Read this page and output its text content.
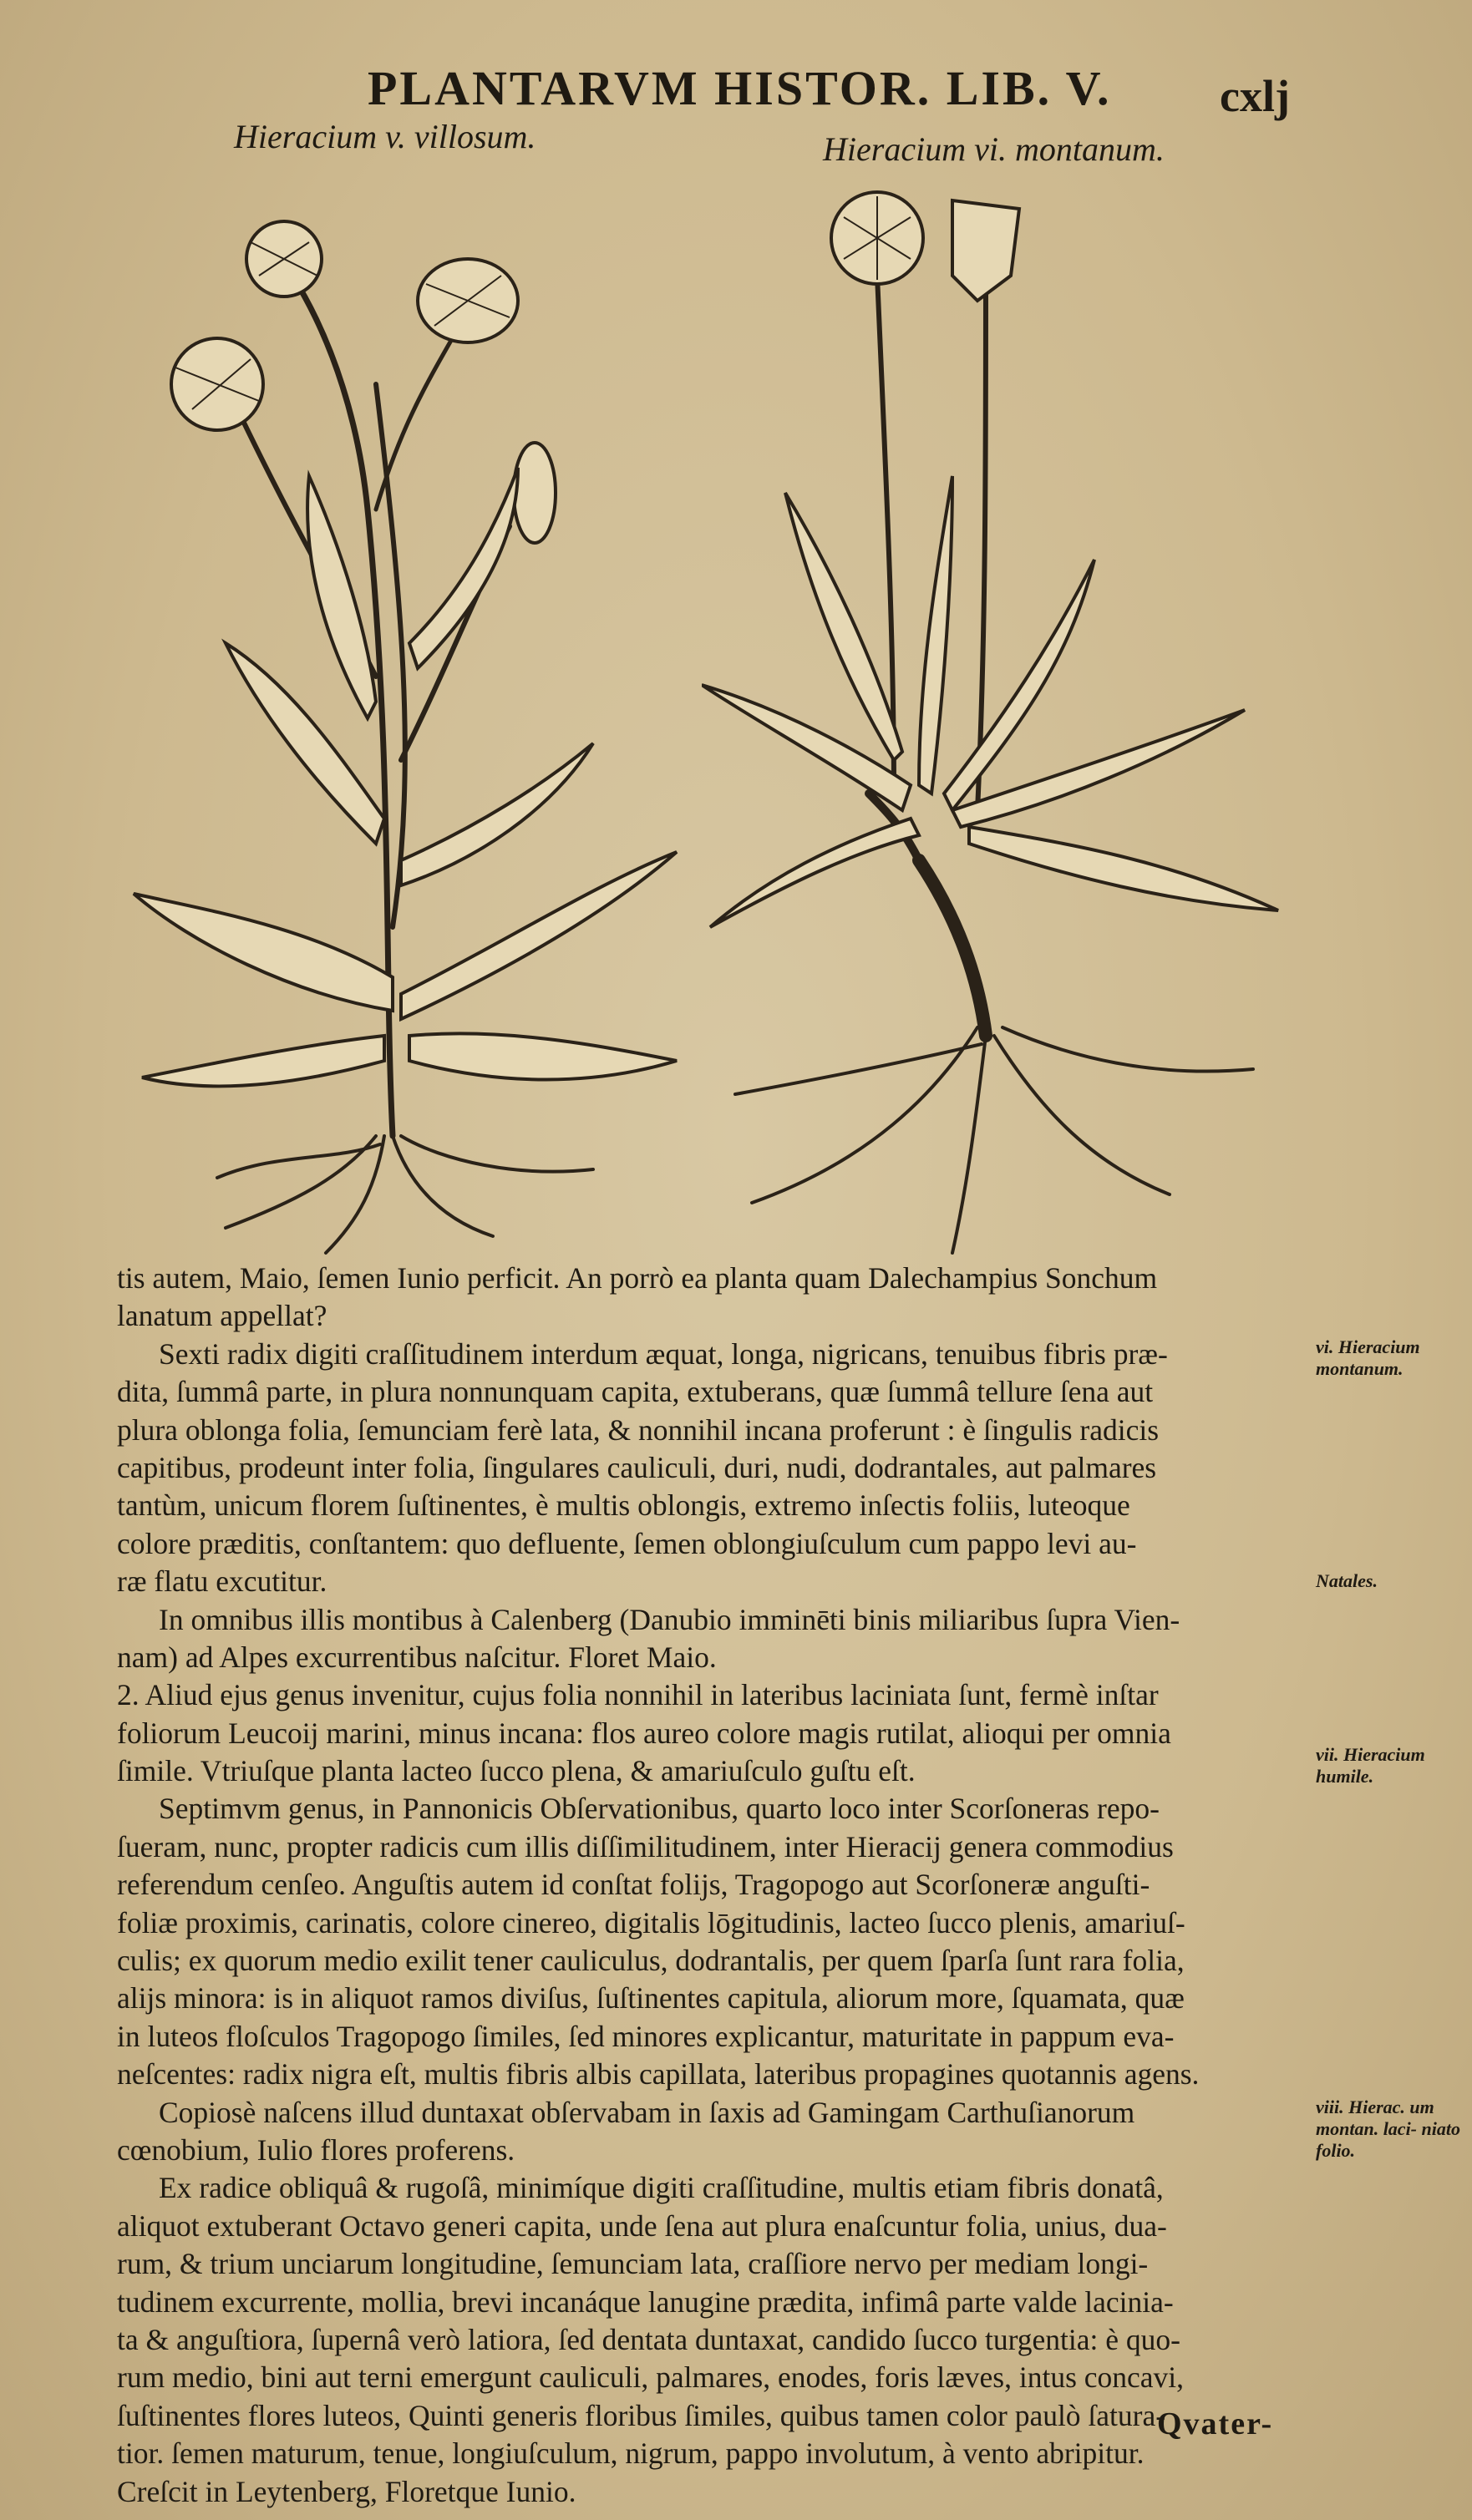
PLANTARVM HISTOR. LIB. V. cxlj
Hieracium v. villosum.	Hieracium vi. montanum.
tis autem, Maio, ſemen Iunio perficit. An porrò ea planta quam Dalechampius Sonchum
lanatum appellat?
Sexti radix digiti craſſitudinem interdum æquat, longa, nigricans, tenuibus fibris præ-
dita, ſummâ parte, in plura nonnunquam capita, extuberans, quæ ſummâ tellure ſena aut
plura oblonga folia, ſemunciam ferè lata, & nonnihil incana proferunt : è ſingulis radicis
capitibus, prodeunt inter folia, ſingulares cauliculi, duri, nudi, dodrantales, aut palmares
tantùm, unicum florem ſuſtinentes, è multis oblongis, extremo inſectis foliis, luteoque
colore præditis, conſtantem: quo defluente, ſemen oblongiuſculum cum pappo levi au-
ræ flatu excutitur.
In omnibus illis montibus à Calenberg (Danubio imminēti binis miliaribus ſupra Vien-
nam) ad Alpes excurrentibus naſcitur. Floret Maio.
2. Aliud ejus genus invenitur, cujus folia nonnihil in lateribus laciniata ſunt, fermè inſtar
foliorum Leucoij marini, minus incana: flos aureo colore magis rutilat, alioqui per omnia
ſimile. Vtriuſque planta lacteo ſucco plena, & amariuſculo guſtu eſt.
Septimvm genus, in Pannonicis Obſervationibus, quarto loco inter Scorſoneras repo-
ſueram, nunc, propter radicis cum illis diſſimilitudinem, inter Hieracij genera commodius
referendum cenſeo. Anguſtis autem id conſtat folijs, Tragopogo aut Scorſoneræ anguſti-
foliæ proximis, carinatis, colore cinereo, digitalis lōgitudinis, lacteo ſucco plenis, amariuſ-
culis; ex quorum medio exilit tener cauliculus, dodrantalis, per quem ſparſa ſunt rara folia,
alijs minora: is in aliquot ramos diviſus, ſuſtinentes capitula, aliorum more, ſquamata, quæ
in luteos floſculos Tragopogo ſimiles, ſed minores explicantur, maturitate in pappum eva-
neſcentes: radix nigra eſt, multis fibris albis capillata, lateribus propagines quotannis agens.
Copiosè naſcens illud duntaxat obſervabam in ſaxis ad Gamingam Carthuſianorum
cœnobium, Iulio flores proferens.
Ex radice obliquâ & rugoſâ, minimíque digiti craſſitudine, multis etiam fibris donatâ,
aliquot extuberant Octavo generi capita, unde ſena aut plura enaſcuntur folia, unius, dua-
rum, & trium unciarum longitudine, ſemunciam lata, craſſiore nervo per mediam longi-
tudinem excurrente, mollia, brevi incanáque lanugine prædita, infimâ parte valde lacinia-
ta & anguſtiora, ſupernâ verò latiora, ſed dentata duntaxat, candido ſucco turgentia: è quo-
rum medio, bini aut terni emergunt cauliculi, palmares, enodes, foris læves, intus concavi,
ſuſtinentes flores luteos, Quinti generis floribus ſimiles, quibus tamen color paulò ſatura-
tior. ſemen maturum, tenue, longiuſculum, nigrum, pappo involutum, à vento abripitur.
Creſcit in Leytenberg, Floretque Iunio.
vi. Hieracium montanum.
Natales.
vii. Hieracium humile.
viii. Hierac. um montan. laci- niato folio.
Qvater-
